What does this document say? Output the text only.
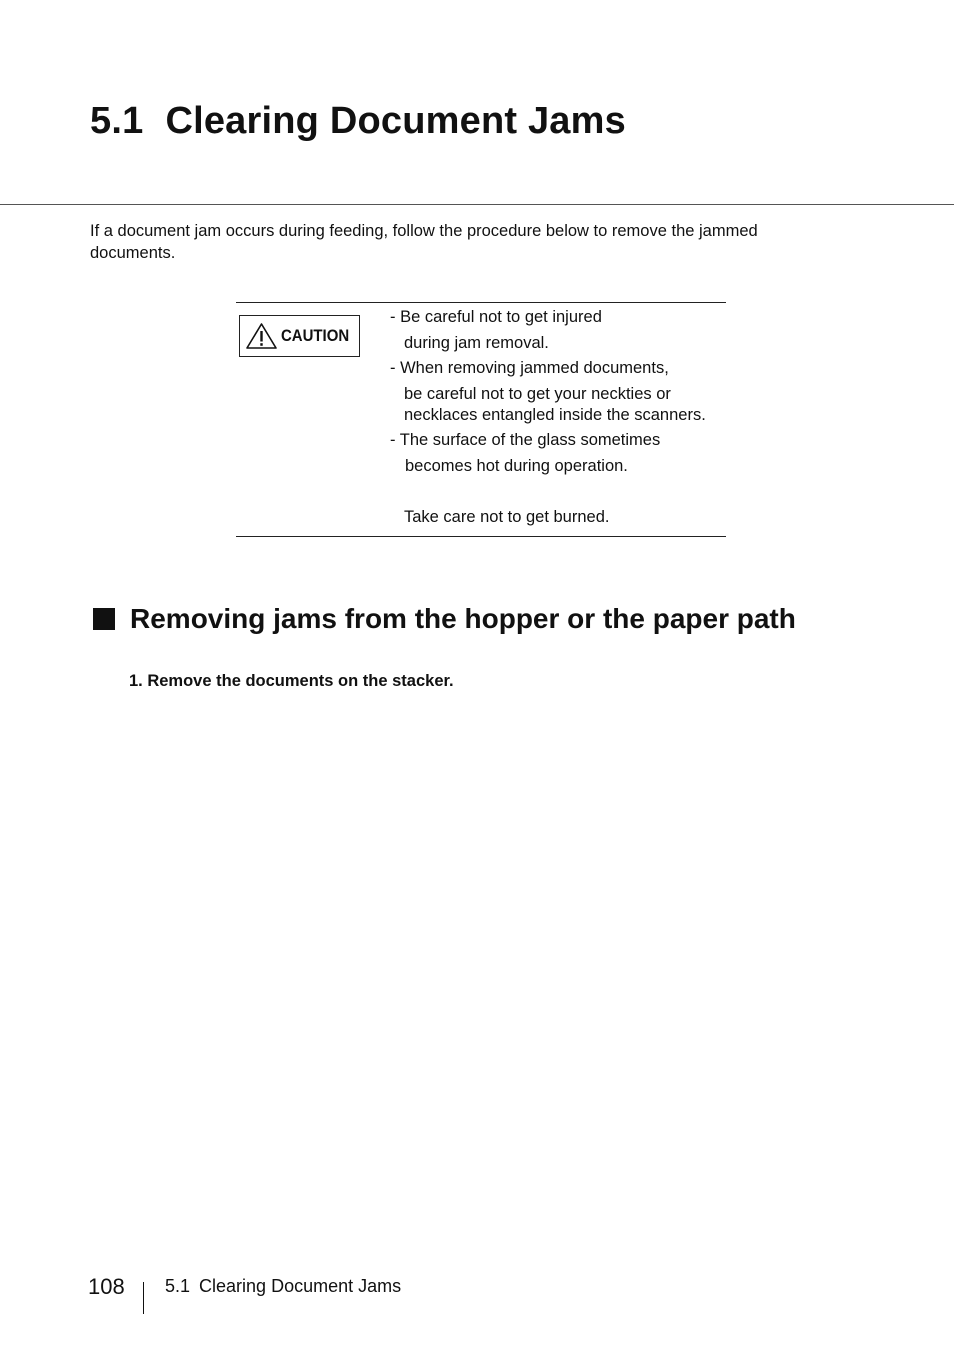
5.1 Clearing Document Jams

If a document jam occurs during feeding, follow the procedure below to remove the jammed documents.

CAUTION

- Be careful not to get injured

during jam removal.

- When removing jammed documents,

be careful not to get your neckties or

necklaces entangled inside the scanners.

- The surface of the glass sometimes

becomes hot during operation.

Take care not to get burned.

Removing jams from the hopper or the paper path

1. Remove the documents on the stacker.

108 5.1 Clearing Document Jams
